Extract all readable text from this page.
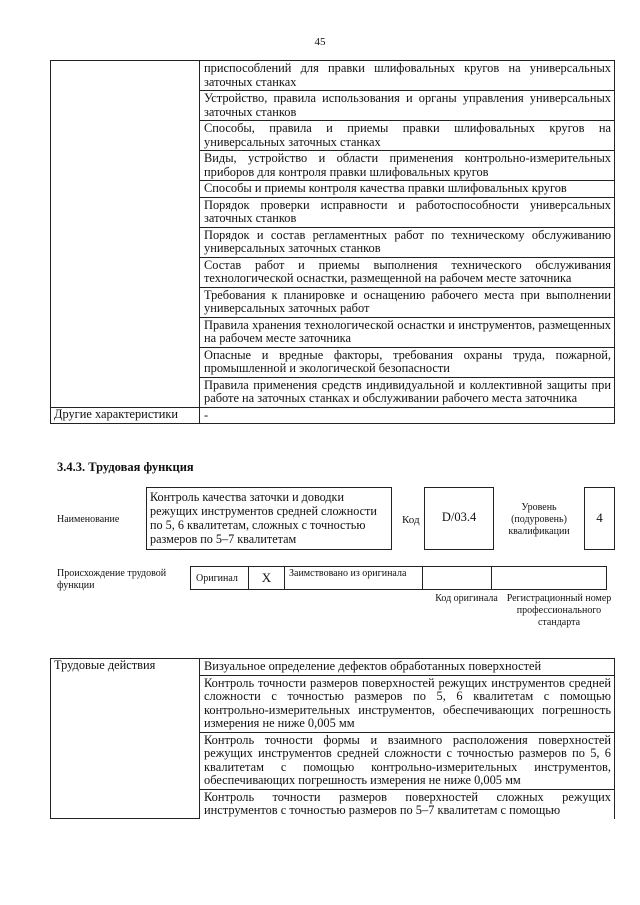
45
	приспособлений для правки шлифовальных кругов на универсальных заточных станках
	Устройство, правила использования и органы управления универсальных заточных станков
	Способы, правила и приемы правки шлифовальных кругов на универсальных заточных станках
	Виды, устройство и области применения контрольно-измерительных приборов для контроля правки шлифовальных кругов
	Способы и приемы контроля качества правки шлифовальных кругов
	Порядок проверки исправности и работоспособности универсальных заточных станков
	Порядок и состав регламентных работ по техническому обслуживанию универсальных заточных станков
	Состав работ и приемы выполнения технического обслуживания технологической оснастки, размещенной на рабочем месте заточника
	Требования к планировке и оснащению рабочего места при выполнении универсальных заточных работ
	Правила хранения технологической оснастки и инструментов, размещенных на рабочем месте заточника
	Опасные и вредные факторы, требования охраны труда, пожарной, промышленной и экологической безопасности
	Правила применения средств индивидуальной и коллективной защиты при работе на заточных станках и обслуживании рабочего места заточника
Другие характеристики	-
3.4.3. Трудовая функция
Наименование
Контроль качества заточки и доводки режущих инструментов средней сложности по 5, 6 квалитетам, сложных с точностью размеров по 5–7 квалитетам
Код	D/03.4
Уровень (подуровень) квалификации
4
Происхождение трудовой функции
Оригинал	X	Заимствовано из оригинала
Код оригинала Регистрационный номер профессионального стандарта
Трудовые действия	Визуальное определение дефектов обработанных поверхностей
Контроль точности размеров поверхностей режущих инструментов средней сложности с точностью размеров по 5, 6 квалитетам с помощью контрольно-измерительных инструментов, обеспечивающих погрешность измерения не ниже 0,005 мм
Контроль точности формы и взаимного расположения поверхностей режущих инструментов средней сложности с точностью размеров по 5, 6 квалитетам с помощью контрольно-измерительных инструментов, обеспечивающих погрешность измерения не ниже 0,005 мм
Контроль точности размеров поверхностей сложных режущих инструментов с точностью размеров по 5–7 квалитетам с помощью
